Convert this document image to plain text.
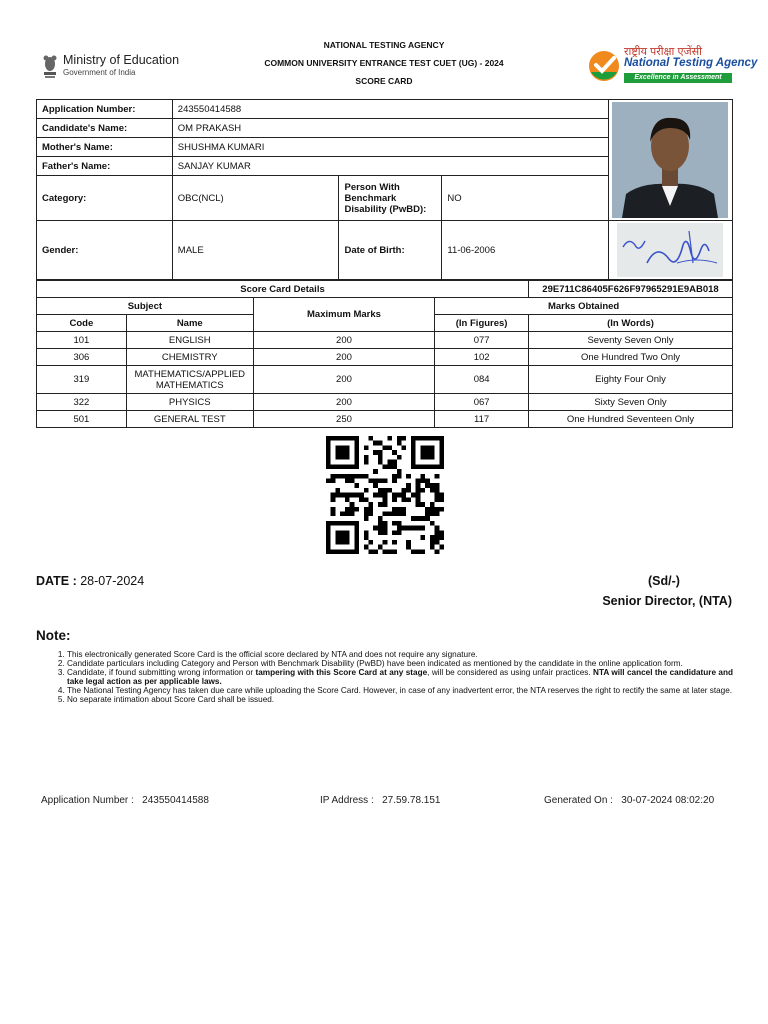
Ministry of Education
Government of India
NATIONAL TESTING AGENCY
COMMON UNIVERSITY ENTRANCE TEST CUET (UG) - 2024
SCORE CARD
राष्ट्रीय परीक्षा एजेंसी
National Testing Agency
Excellence in Assessment
Application Number:	243550414588	

Candidate's Name:	OM PRAKASH			
Mother's Name:	SHUSHMA KUMARI			
Father's Name:	SANJAY KUMAR			
Category:	OBC(NCL)	Person With Benchmark Disability (PwBD):	NO	
Gender:	MALE	Date of Birth:	11-06-2006	
Score Card Details				29E711C86405F626F97965291E9AB018
Subject		Maximum Marks	Marks Obtained	
Code	Name		(In Figures)	(In Words)
101	ENGLISH	200	077	Seventy Seven Only
306	CHEMISTRY	200	102	One Hundred Two Only
319	MATHEMATICS/APPLIED MATHEMATICS	200	084	Eighty Four Only
322	PHYSICS	200	067	Sixty Seven Only
501	GENERAL TEST	250	117	One Hundred Seventeen Only
DATE : 28-07-2024	(Sd/-)
Senior Director, (NTA)
Note:
1. This electronically generated Score Card is the official score declared by NTA and does not require any signature.
2. Candidate particulars including Category and Person with Benchmark Disability (PwBD) have been indicated as mentioned by the candidate in the online application form.
3. Candidate, if found submitting wrong information or tampering with this Score Card at any stage, will be considered as using unfair practices. NTA will cancel the candidature and take legal action as per applicable laws.
4. The National Testing Agency has taken due care while uploading the Score Card. However, in case of any inadvertent error, the NTA reserves the right to rectify the same at later stage.
5. No separate intimation about Score Card shall be issued.
Application Number : 243550414588	IP Address : 27.59.78.151	Generated On : 30-07-2024 08:02:20
